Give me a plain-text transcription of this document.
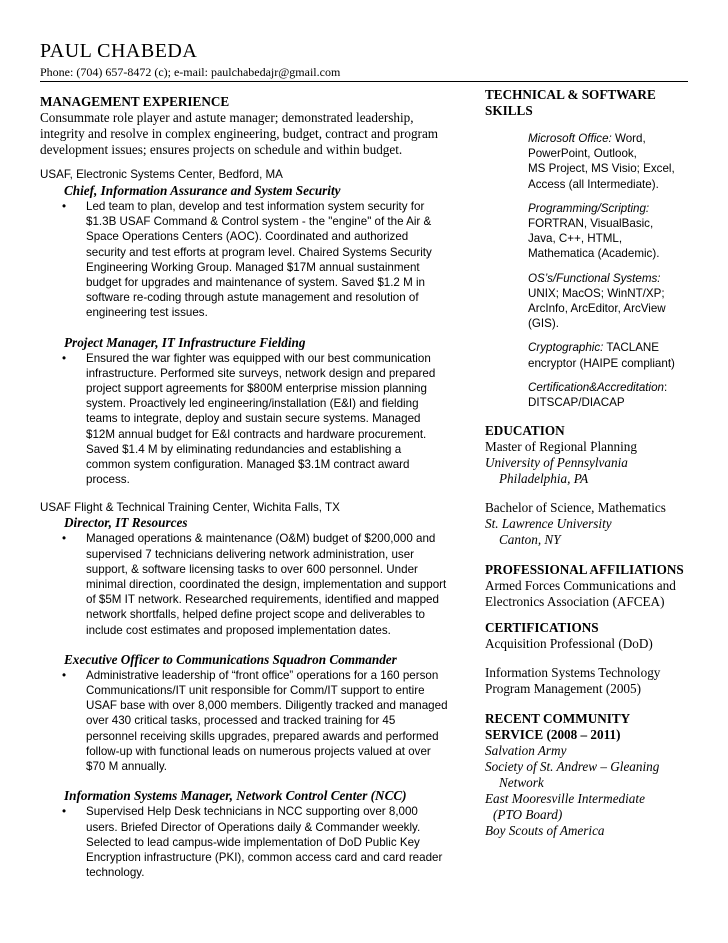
PAUL CHABEDA
Phone: (704) 657-8472 (c); e-mail: paulchabedajr@gmail.com
MANAGEMENT EXPERIENCE
Consummate role player and astute manager; demonstrated leadership, integrity and resolve in complex engineering, budget, contract and program development issues; ensures projects on schedule and within budget.
USAF, Electronic Systems Center, Bedford, MA
Chief, Information Assurance and System Security
• Led team to plan, develop and test information system security for $1.3B USAF Command & Control system - the "engine" of the Air & Space Operations Centers (AOC). Coordinated and authorized security and test efforts at program level. Chaired Systems Security Engineering Working Group. Managed $17M annual sustainment budget for upgrades and maintenance of system. Saved $1.2 M in software re-coding through astute management and resolution of engineering test issues.
Project Manager, IT Infrastructure Fielding
• Ensured the war fighter was equipped with our best communication infrastructure. Performed site surveys, network design and prepared project support agreements for $800M enterprise mission planning system. Proactively led engineering/installation (E&I) and fielding teams to integrate, deploy and sustain secure systems. Managed $12M annual budget for E&I contracts and hardware procurement. Saved $1.4 M by eliminating redundancies and establishing a common system configuration. Managed $3.1M contract award process.
USAF Flight & Technical Training Center, Wichita Falls, TX
Director, IT Resources
• Managed operations & maintenance (O&M) budget of $200,000 and supervised 7 technicians delivering network administration, user support, & software licensing tasks to over 600 personnel. Under minimal direction, coordinated the design, implementation and support of $5M IT network. Researched requirements, identified and mapped network shortfalls, helped define project scope and deliverables to include cost estimates and proposed implementation dates.
Executive Officer to Communications Squadron Commander
• Administrative leadership of “front office” operations for a 160 person Communications/IT unit responsible for Comm/IT support to entire USAF base with over 8,000 members. Diligently tracked and managed over 430 critical tasks, processed and tracked training for 45 personnel receiving skills upgrades, prepared awards and performed follow-up with functional leads on numerous projects valued at over $70 M annually.
Information Systems Manager, Network Control Center (NCC)
• Supervised Help Desk technicians in NCC supporting over 8,000 users. Briefed Director of Operations daily & Commander weekly. Selected to lead campus-wide implementation of DoD Public Key Encryption infrastructure (PKI), common access card and card reader technology.
TECHNICAL & SOFTWARE
SKILLS
Microsoft Office: Word,
PowerPoint, Outlook,
MS Project, MS Visio; Excel,
Access (all Intermediate).
Programming/Scripting:
FORTRAN, VisualBasic,
Java, C++, HTML,
Mathematica (Academic).
OS’s/Functional Systems:
UNIX; MacOS; WinNT/XP;
ArcInfo, ArcEditor, ArcView
(GIS).
Cryptographic: TACLANE
encryptor (HAIPE compliant)
Certification&Accreditation:
DITSCAP/DIACAP
EDUCATION
Master of Regional Planning
University of Pennsylvania
Philadelphia, PA
Bachelor of Science, Mathematics
St. Lawrence University
Canton, NY
PROFESSIONAL AFFILIATIONS
Armed Forces Communications and
Electronics Association (AFCEA)
CERTIFICATIONS
Acquisition Professional (DoD)
Information Systems Technology
Program Management (2005)
RECENT COMMUNITY
SERVICE (2008 – 2011)
Salvation Army
Society of St. Andrew – Gleaning
Network
East Mooresville Intermediate
(PTO Board)
Boy Scouts of America
